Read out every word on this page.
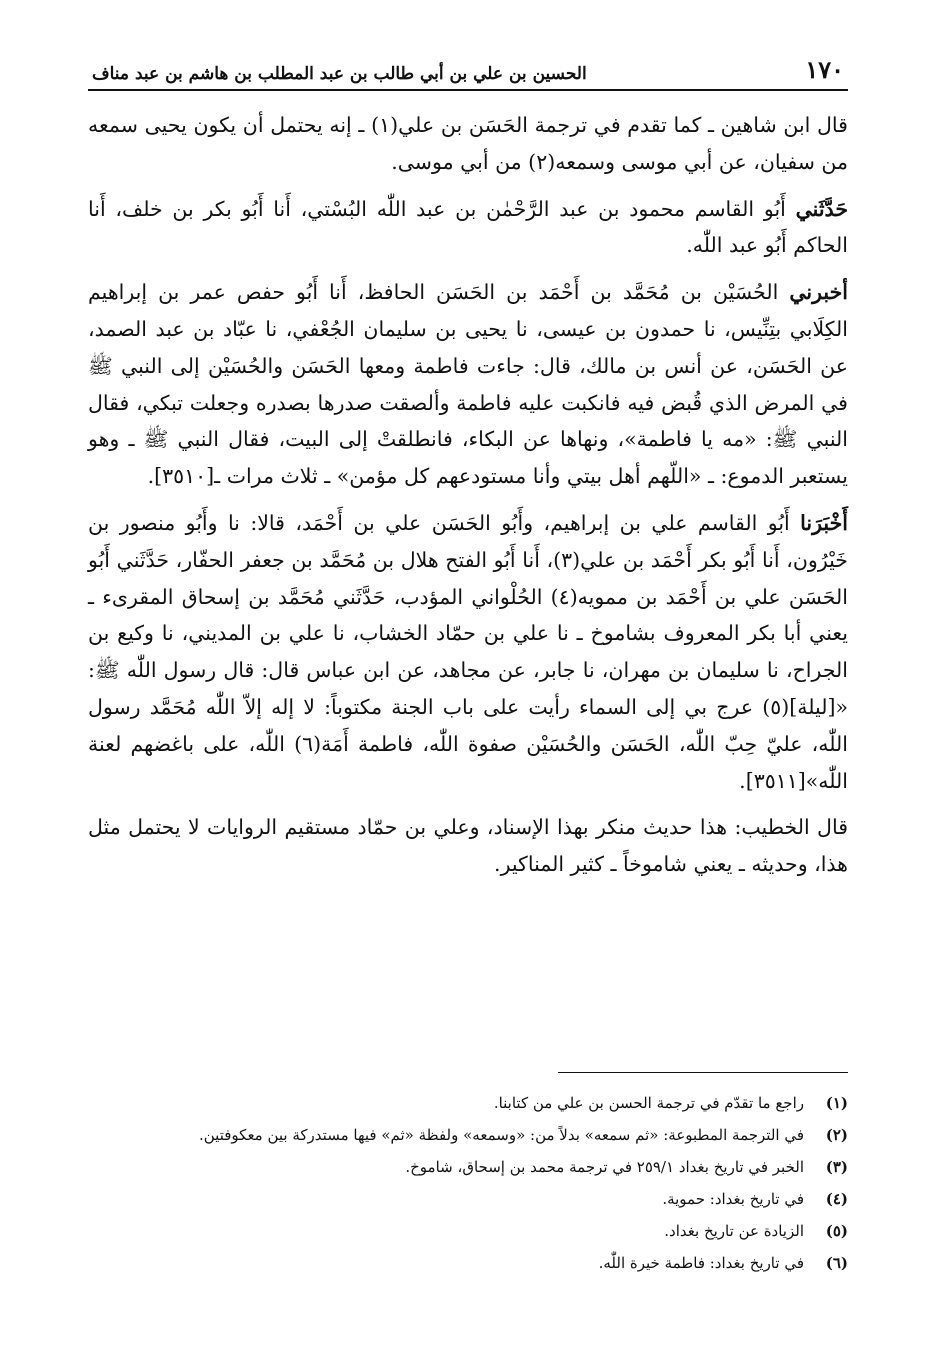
١٧٠
الحسين بن علي بن أبي طالب بن عبد المطلب بن هاشم بن عبد مناف

قال ابن شاهين ـ كما تقدم في ترجمة الحَسَن بن علي(١) ـ إنه يحتمل أن يكون يحيى سمعه من سفيان، عن أبي موسى وسمعه(٢) من أبي موسى.

حَدَّثَني أَبُو القاسم محمود بن عبد الرَّحْمٰن بن عبد اللّٰه البُسْتي، أَنا أَبُو بكر بن خلف، أَنا الحاكم أَبُو عبد اللّٰه.

أخبرني الحُسَيْن بن مُحَمَّد بن أَحْمَد بن الحَسَن الحافظ، أَنا أَبُو حفص عمر بن إبراهيم الكِلَابي بتِنِّيس، نا حمدون بن عيسى، نا يحيى بن سليمان الجُعْفي، نا عبّاد بن عبد الصمد، عن الحَسَن، عن أنس بن مالك، قال: جاءت فاطمة ومعها الحَسَن والحُسَيْن إلى النبي ﷺ في المرض الذي قُبض فيه فانكبت عليه فاطمة وألصقت صدرها بصدره وجعلت تبكي، فقال النبي ﷺ: «مه يا فاطمة»، ونهاها عن البكاء، فانطلقتْ إلى البيت، فقال النبي ﷺ ـ وهو يستعبر الدموع: ـ «اللّهم أهل بيتي وأنا مستودعهم كل مؤمن» ـ ثلاث مرات ـ[٣٥١٠].

أَخْبَرَنا أَبُو القاسم علي بن إبراهيم، وأَبُو الحَسَن علي بن أَحْمَد، قالا: نا وأَبُو منصور بن خَيْرُون، أَنا أَبُو بكر أَحْمَد بن علي(٣)، أَنا أَبُو الفتح هلال بن مُحَمَّد بن جعفر الحفّار، حَدَّثَني أَبُو الحَسَن علي بن أَحْمَد بن ممويه(٤) الحُلْواني المؤدب، حَدَّثَني مُحَمَّد بن إسحاق المقرىء ـ يعني أبا بكر المعروف بشاموخ ـ نا علي بن حمّاد الخشاب، نا علي بن المديني، نا وكيع بن الجراح، نا سليمان بن مهران، نا جابر، عن مجاهد، عن ابن عباس قال: قال رسول اللّٰه ﷺ: «[ليلة](٥) عرج بي إلى السماء رأيت على باب الجنة مكتوباً: لا إله إلاّ اللّٰه مُحَمَّد رسول اللّٰه، عليّ حِبّ اللّٰه، الحَسَن والحُسَيْن صفوة اللّٰه، فاطمة أَمَة(٦) اللّٰه، على باغضهم لعنة اللّٰه»[٣٥١١].

قال الخطيب: هذا حديث منكر بهذا الإسناد، وعلي بن حمّاد مستقيم الروايات لا يحتمل مثل هذا، وحديثه ـ يعني شاموخاً ـ كثير المناكير.

(١)
راجع ما تقدّم في ترجمة الحسن بن علي من كتابنا.
(٢)
في الترجمة المطبوعة: «ثم سمعه» بدلاً من: «وسمعه» ولفظة «ثم» فيها مستدركة بين معكوفتين.
(٣)
الخبر في تاريخ بغداد ٢٥٩/١ في ترجمة محمد بن إسحاق، شاموخ.
(٤)
في تاريخ بغداد: حموية.
(٥)
الزيادة عن تاريخ بغداد.
(٦)
في تاريخ بغداد: فاطمة خيرة اللّٰه.
